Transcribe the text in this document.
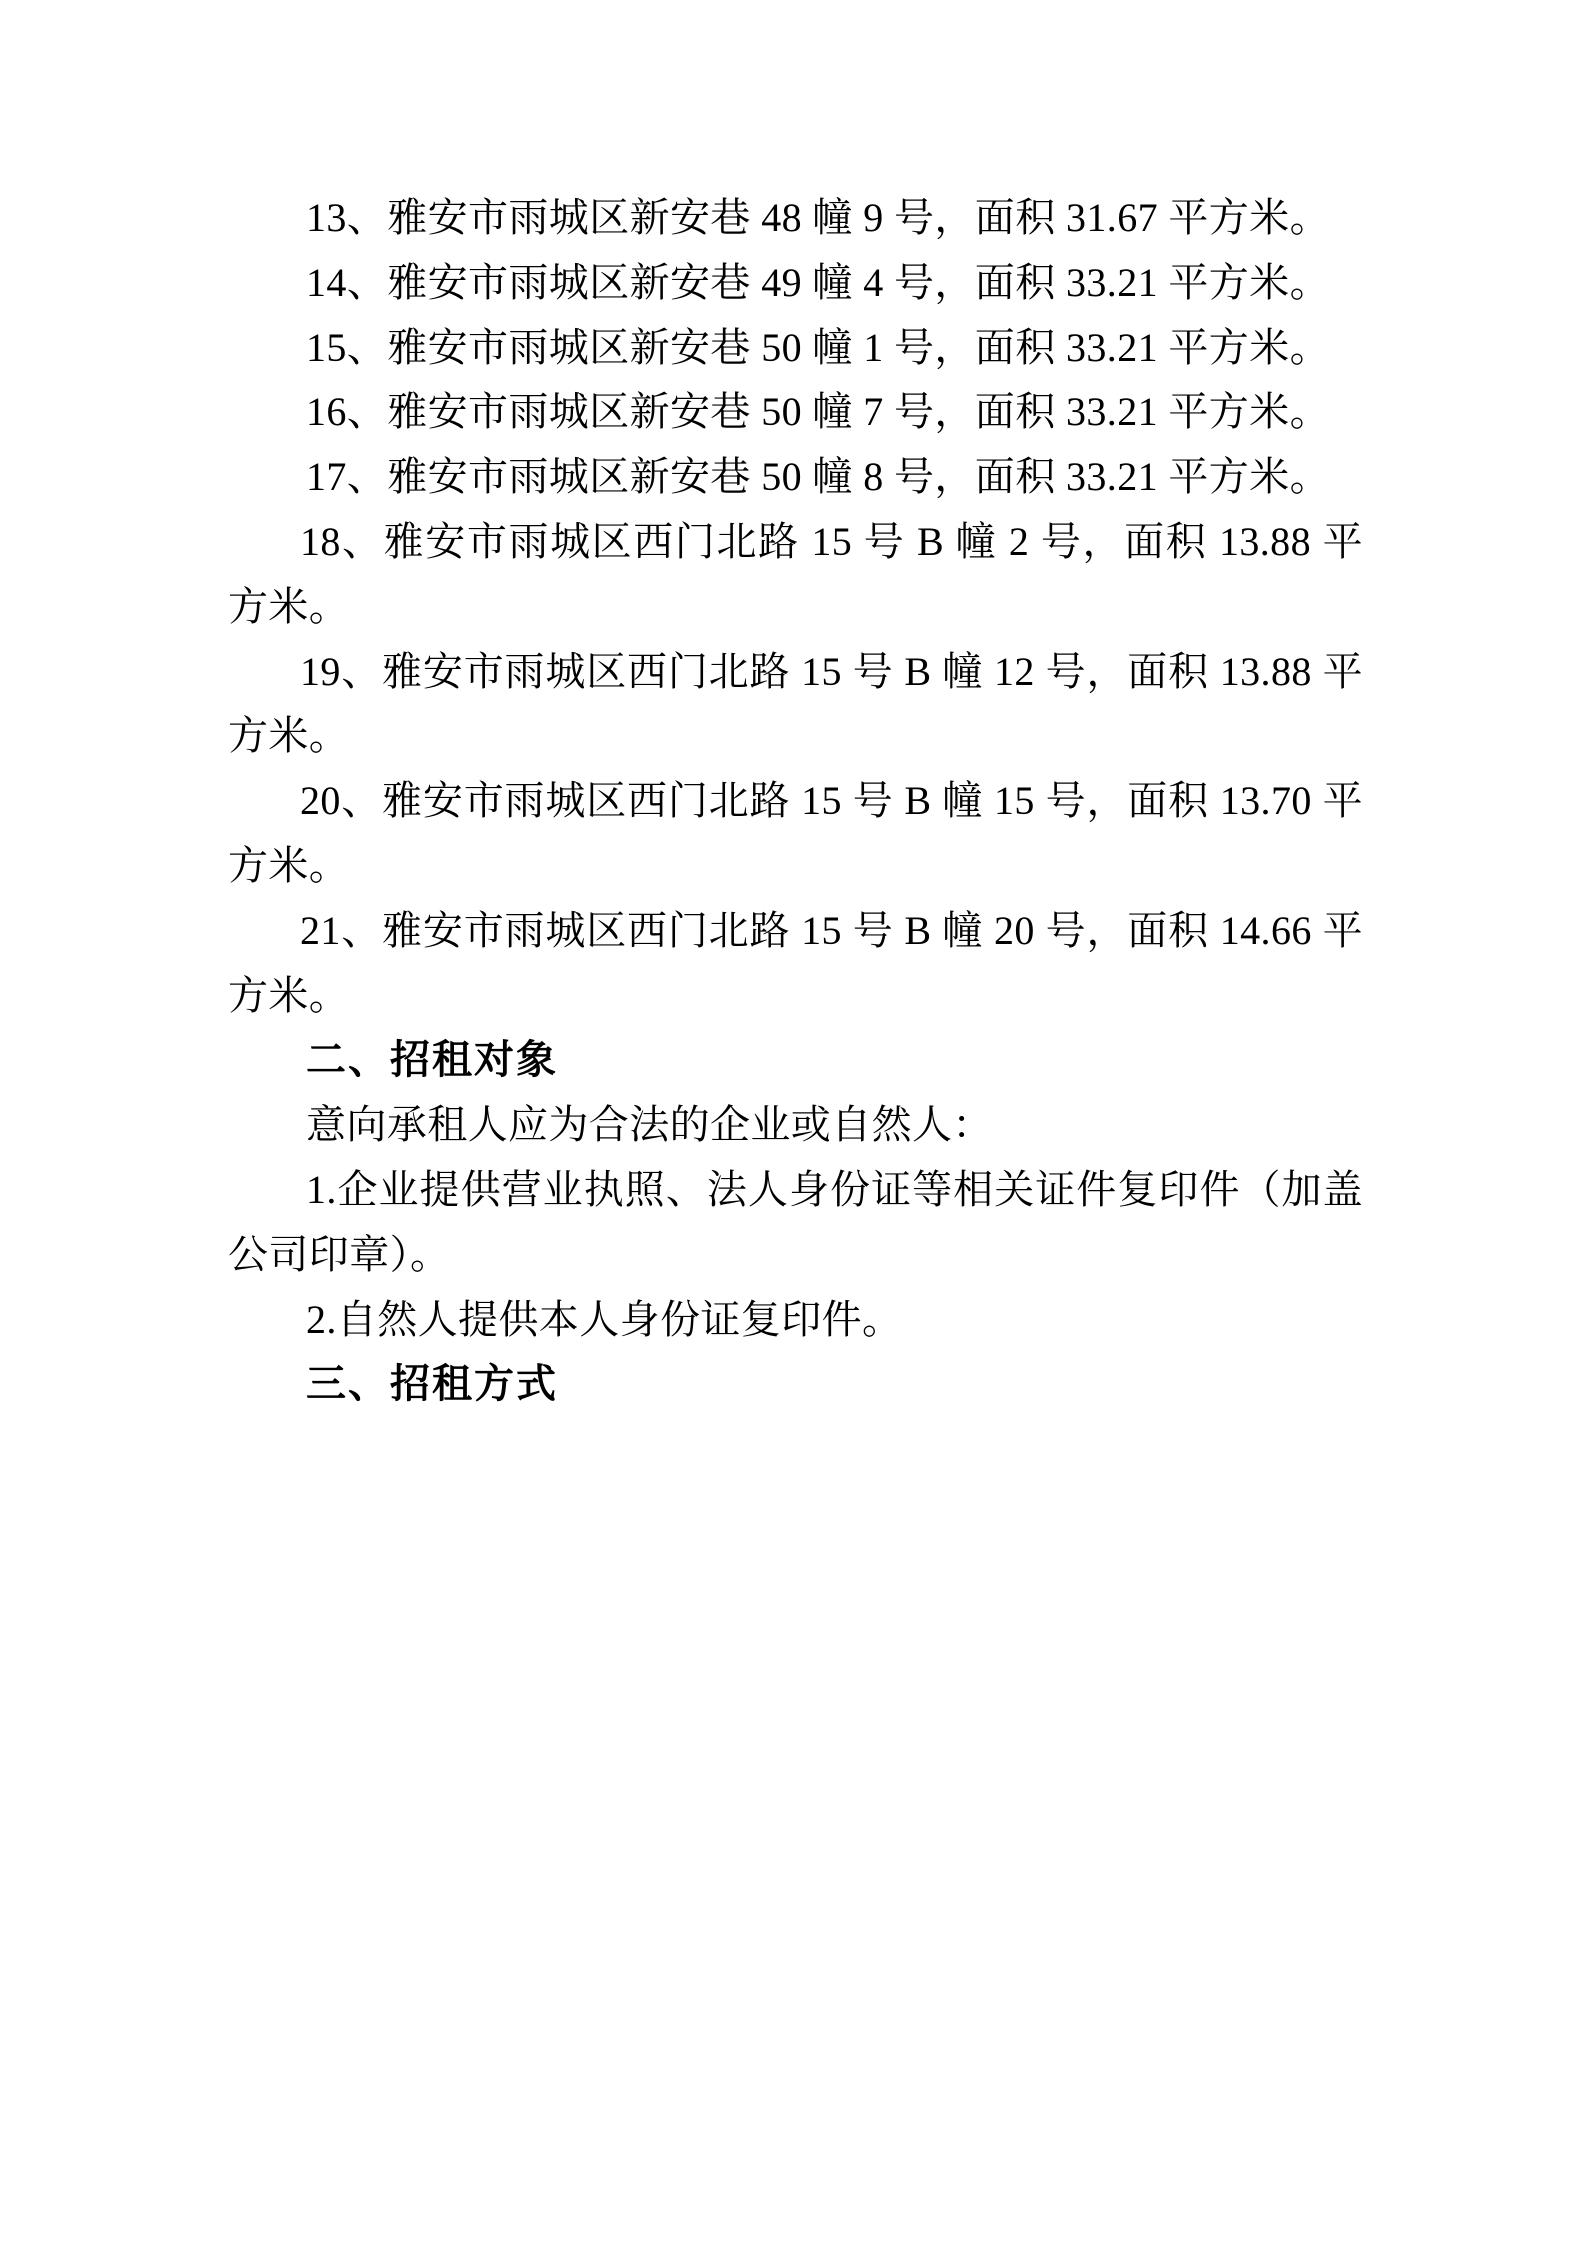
13、雅安市雨城区新安巷 48 幢 9 号，面积 31.67 平方米。

14、雅安市雨城区新安巷 49 幢 4 号，面积 33.21 平方米。

15、雅安市雨城区新安巷 50 幢 1 号，面积 33.21 平方米。

16、雅安市雨城区新安巷 50 幢 7 号，面积 33.21 平方米。

17、雅安市雨城区新安巷 50 幢 8 号，面积 33.21 平方米。

18、雅安市雨城区西门北路 15 号 B 幢 2 号，面积 13.88 平方米。

19、雅安市雨城区西门北路 15 号 B 幢 12 号，面积 13.88 平方米。

20、雅安市雨城区西门北路 15 号 B 幢 15 号，面积 13.70 平方米。

21、雅安市雨城区西门北路 15 号 B 幢 20 号，面积 14.66 平方米。

二、招租对象

意向承租人应为合法的企业或自然人：

1.企业提供营业执照、法人身份证等相关证件复印件（加盖公司印章）。

2.自然人提供本人身份证复印件。

三、招租方式
